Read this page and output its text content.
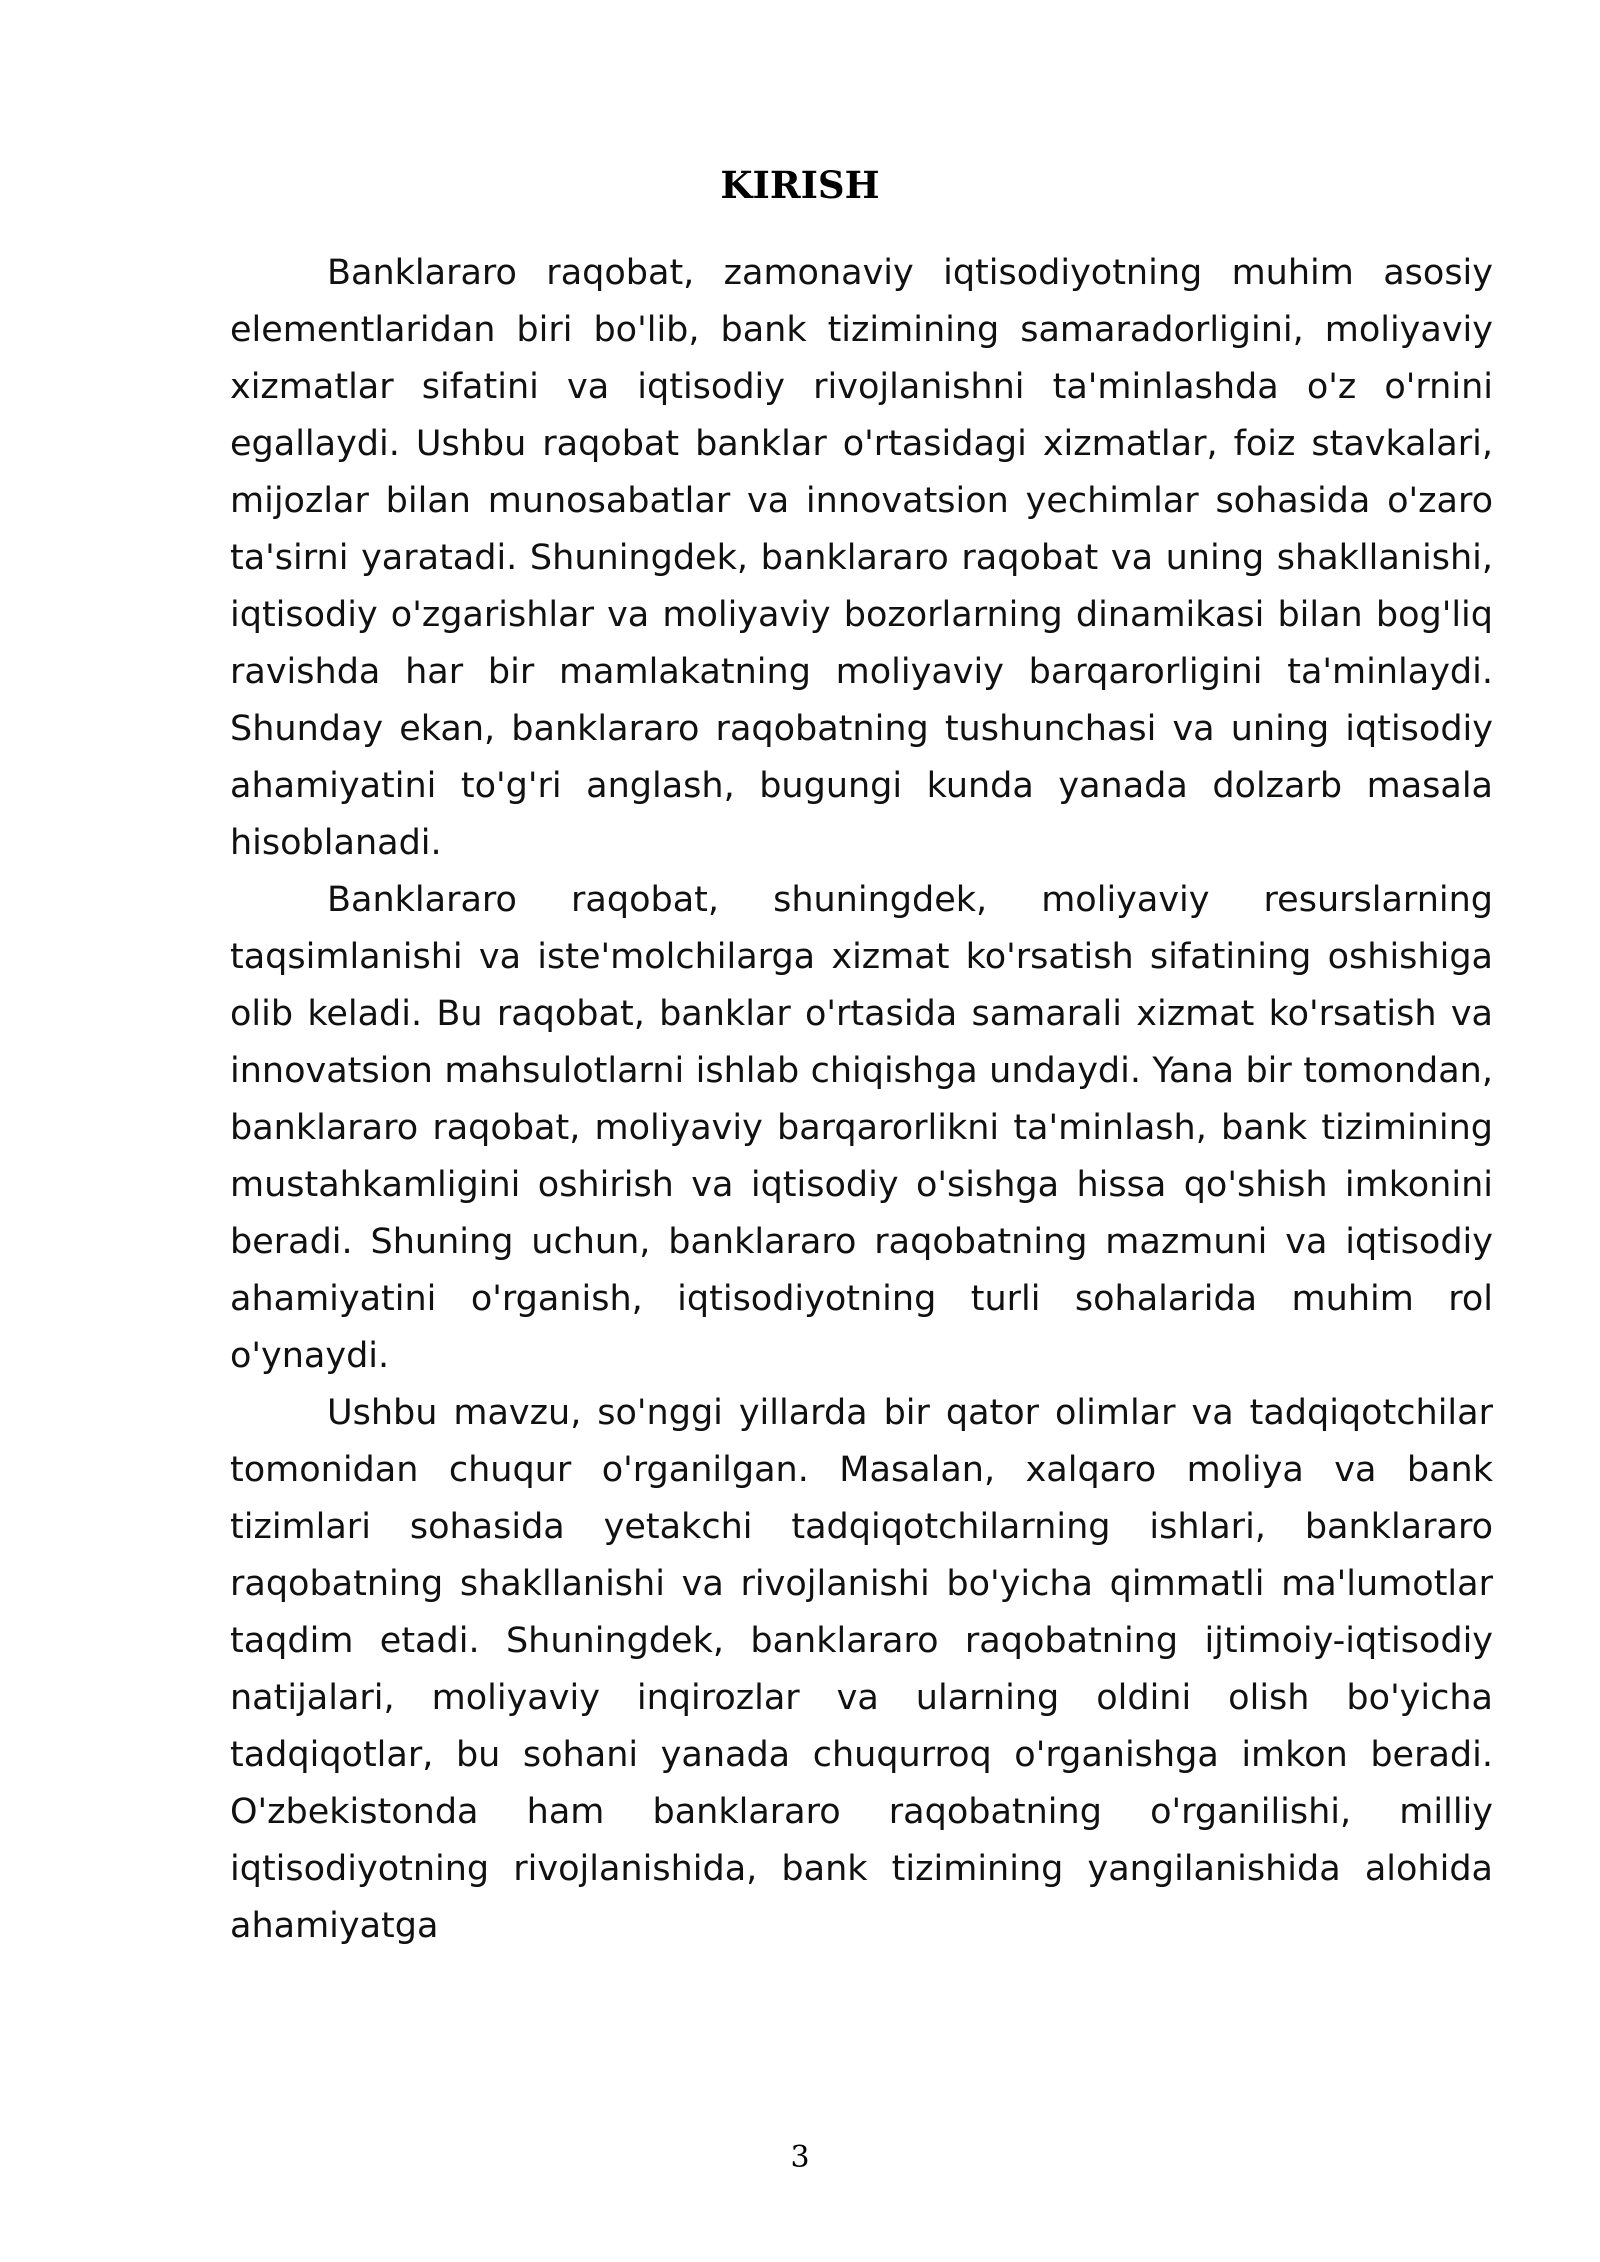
KIRISH

Banklararo raqobat, zamonaviy iqtisodiyotning muhim asosiy elementlaridan biri bo'lib, bank tizimining samaradorligini, moliyaviy xizmatlar sifatini va iqtisodiy rivojlanishni ta'minlashda o'z o'rnini egallaydi. Ushbu raqobat banklar o'rtasidagi xizmatlar, foiz stavkalari, mijozlar bilan munosabatlar va innovatsion yechimlar sohasida o'zaro ta'sirni yaratadi. Shuningdek, banklararo raqobat va uning shakllanishi, iqtisodiy o'zgarishlar va moliyaviy bozorlarning dinamikasi bilan bog'liq ravishda har bir mamlakatning moliyaviy barqarorligini ta'minlaydi. Shunday ekan, banklararo raqobatning tushunchasi va uning iqtisodiy ahamiyatini to'g'ri anglash, bugungi kunda yanada dolzarb masala hisoblanadi.

Banklararo raqobat, shuningdek, moliyaviy resurslarning taqsimlanishi va iste'molchilarga xizmat ko'rsatish sifatining oshishiga olib keladi. Bu raqobat, banklar o'rtasida samarali xizmat ko'rsatish va innovatsion mahsulotlarni ishlab chiqishga undaydi. Yana bir tomondan, banklararo raqobat, moliyaviy barqarorlikni ta'minlash, bank tizimining mustahkamligini oshirish va iqtisodiy o'sishga hissa qo'shish imkonini beradi. Shuning uchun, banklararo raqobatning mazmuni va iqtisodiy ahamiyatini o'rganish, iqtisodiyotning turli sohalarida muhim rol o'ynaydi.

Ushbu mavzu, so'nggi yillarda bir qator olimlar va tadqiqotchilar tomonidan chuqur o'rganilgan. Masalan, xalqaro moliya va bank tizimlari sohasida yetakchi tadqiqotchilarning ishlari, banklararo raqobatning shakllanishi va rivojlanishi bo'yicha qimmatli ma'lumotlar taqdim etadi. Shuningdek, banklararo raqobatning ijtimoiy-iqtisodiy natijalari, moliyaviy inqirozlar va ularning oldini olish bo'yicha tadqiqotlar, bu sohani yanada chuqurroq o'rganishga imkon beradi. O'zbekistonda ham banklararo raqobatning o'rganilishi, milliy iqtisodiyotning rivojlanishida, bank tizimining yangilanishida alohida ahamiyatga

3
